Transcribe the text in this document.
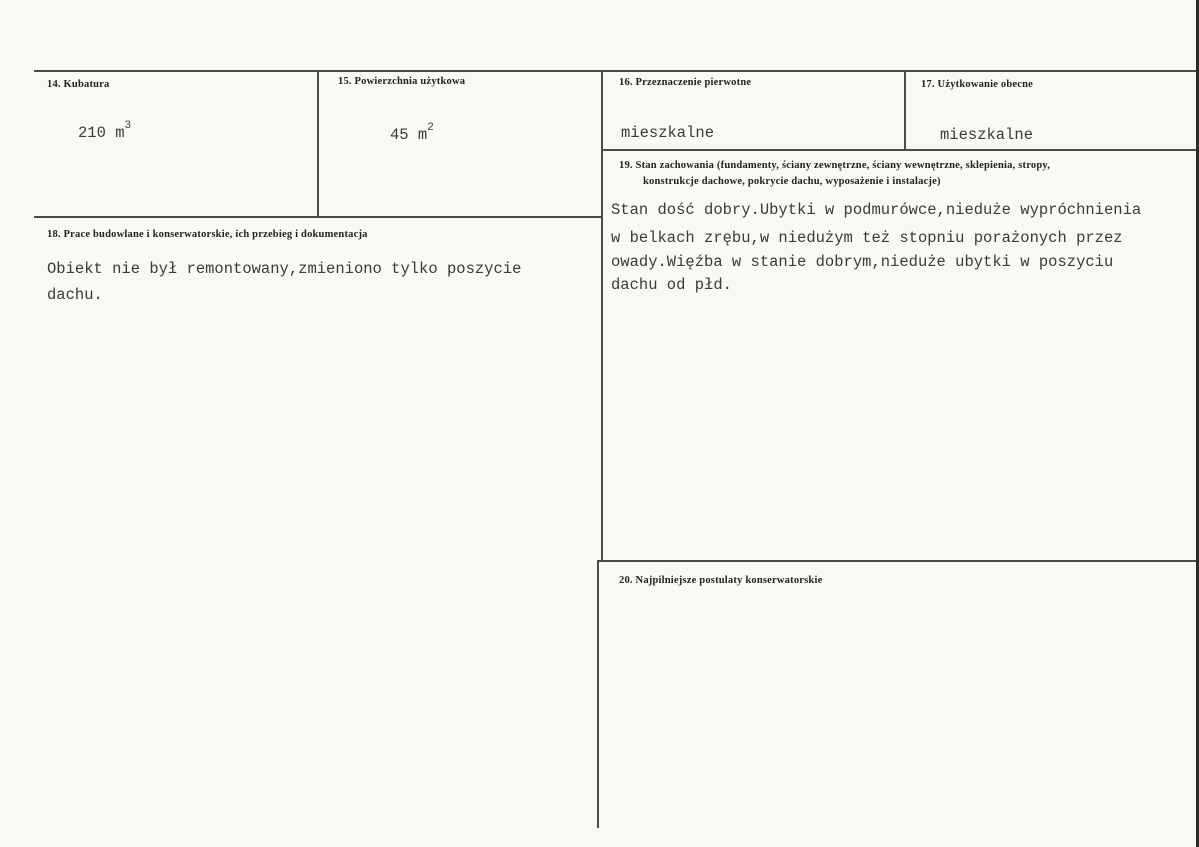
14. Kubatura
210 $m^3$
15. Powierzchnia użytkowa
45 $m^2$
16. Przeznaczenie pierwotne
mieszkalne
17. Użytkowanie obecne
mieszkalne
18. Prace budowlane i konserwatorskie, ich przebieg i dokumentacja
Obiekt nie był remontowany,zmieniono tylko poszycie
dachu.
19. Stan zachowania (fundamenty, ściany zewnętrzne, ściany wewnętrzne, sklepienia, stropy,
konstrukcje dachowe, pokrycie dachu, wyposażenie i instalacje)
Stan dość dobry.Ubytki w podmurówce,nieduże wypróchnienia
w belkach zrębu,w niedużym też stopniu porażonych przez
owady.Więźba w stanie dobrym,nieduże ubytki w poszyciu
dachu od płd.
20. Najpilniejsze postulaty konserwatorskie
